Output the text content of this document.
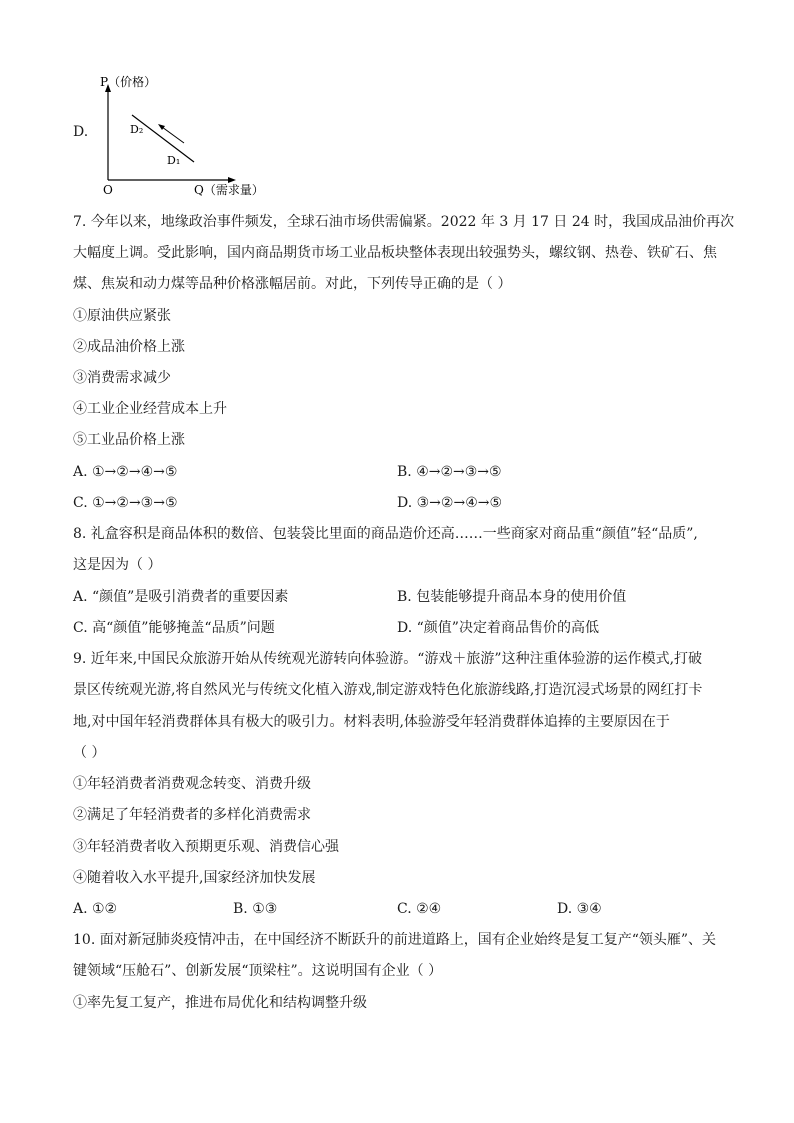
D.
P（价格）
O	Q（需求量）
D₂
D₁
7. 今年以来，地缘政治事件频发，全球石油市场供需偏紧。2022 年 3 月 17 日 24 时，我国成品油价再次
大幅度上调。受此影响，国内商品期货市场工业品板块整体表现出较强势头，螺纹钢、热卷、铁矿石、焦
煤、焦炭和动力煤等品种价格涨幅居前。对此，下列传导正确的是（ ）
①原油供应紧张
②成品油价格上涨
③消费需求减少
④工业企业经营成本上升
⑤工业品价格上涨
A. ①→②→④→⑤	B. ④→②→③→⑤
C. ①→②→③→⑤	D. ③→②→④→⑤
8. 礼盒容积是商品体积的数倍、包装袋比里面的商品造价还高……一些商家对商品重“颜值”轻“品质”,
这是因为（ ）
A. “颜值”是吸引消费者的重要因素	B. 包装能够提升商品本身的使用价值
C. 高“颜值”能够掩盖“品质”问题	D. “颜值”决定着商品售价的高低
9. 近年来,中国民众旅游开始从传统观光游转向体验游。“游戏＋旅游”这种注重体验游的运作模式,打破
景区传统观光游,将自然风光与传统文化植入游戏,制定游戏特色化旅游线路,打造沉浸式场景的网红打卡
地,对中国年轻消费群体具有极大的吸引力。材料表明,体验游受年轻消费群体追捧的主要原因在于
（ ）
①年轻消费者消费观念转变、消费升级
②满足了年轻消费者的多样化消费需求
③年轻消费者收入预期更乐观、消费信心强
④随着收入水平提升,国家经济加快发展
A. ①②	B. ①③	C. ②④	D. ③④
10. 面对新冠肺炎疫情冲击，在中国经济不断跃升的前进道路上，国有企业始终是复工复产“领头雁”、关
键领域“压舱石”、创新发展“顶梁柱”。这说明国有企业（ ）
①率先复工复产，推进布局优化和结构调整升级
